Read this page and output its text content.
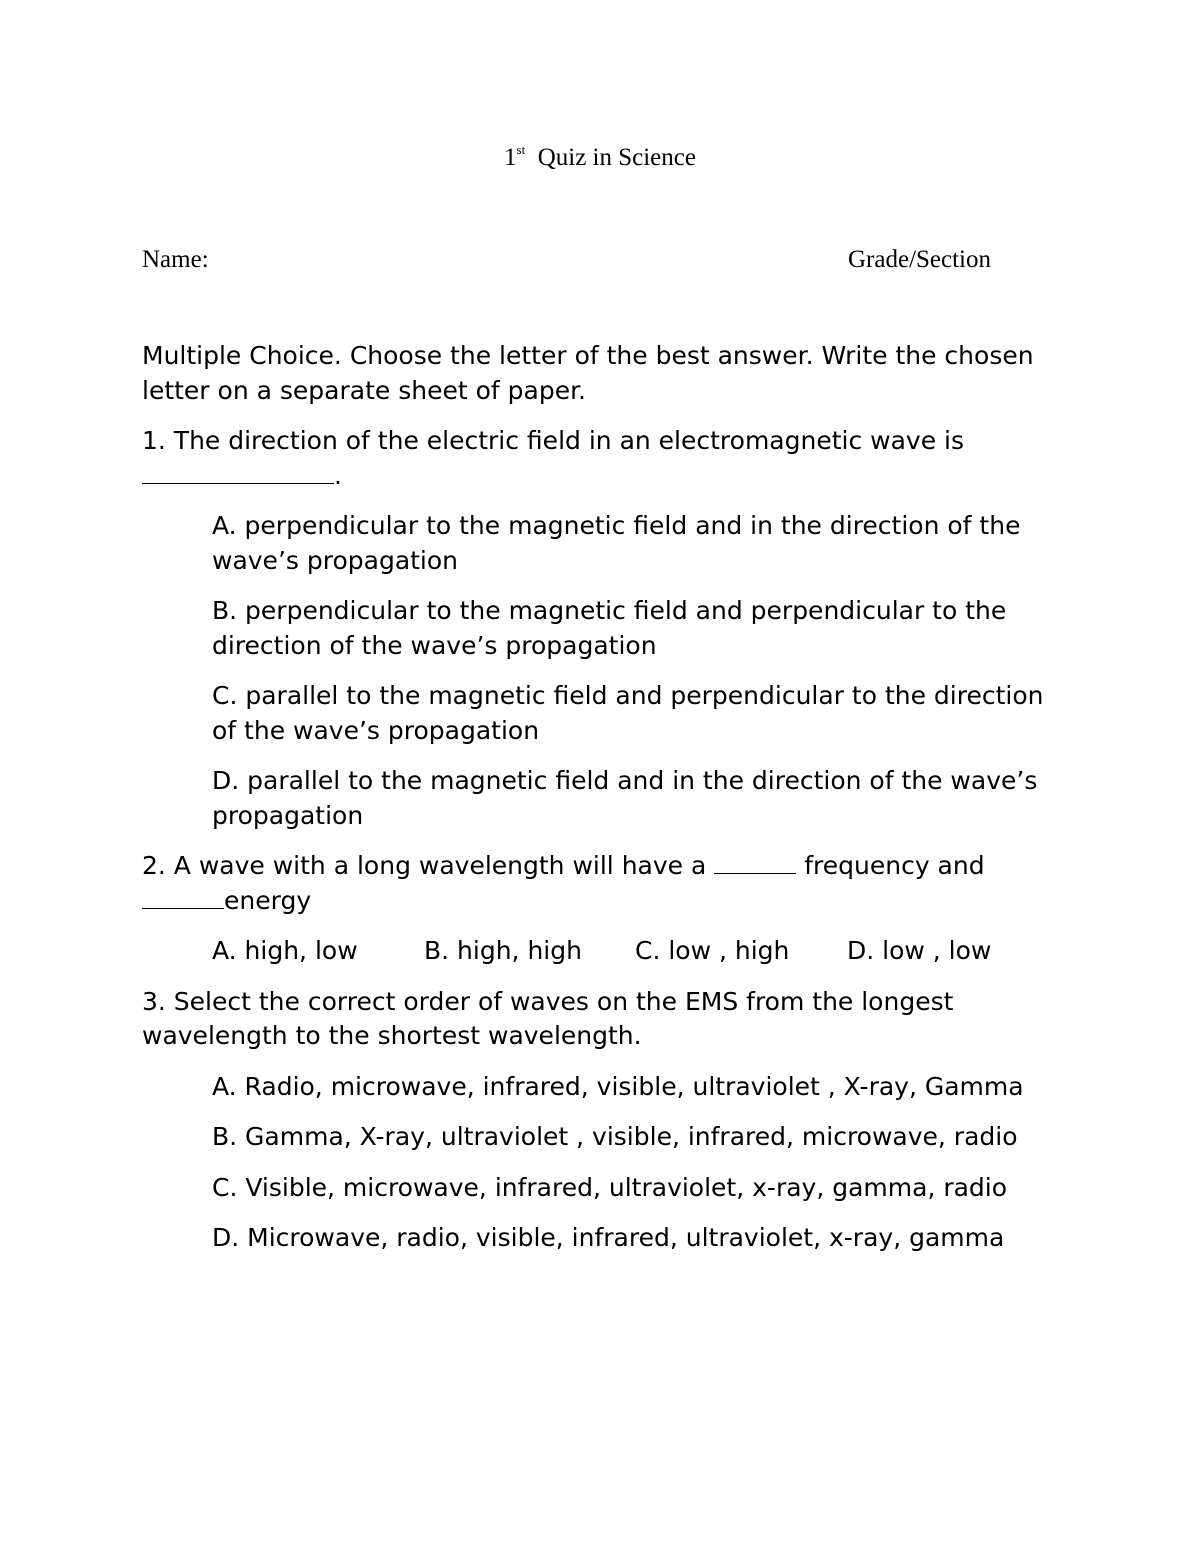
1st Quiz in Science
Name:	Grade/Section

Multiple Choice. Choose the letter of the best answer. Write the chosen letter on a separate sheet of paper.

1. The direction of the electric field in an electromagnetic wave is.

A. perpendicular to the magnetic field and in the direction of the wave’s propagation

B. perpendicular to the magnetic field and perpendicular to the direction of the wave’s propagation

C. parallel to the magnetic field and perpendicular to the direction of the wave’s propagation

D. parallel to the magnetic field and in the direction of the wave’s propagation

2. A wave with a long wavelength will have a	frequency and energy

A. high, low	B. high, high C. low , high D. low , low

3. Select the correct order of waves on the EMS from the longest wavelength to the shortest wavelength.

A. Radio, microwave, infrared, visible, ultraviolet , X-ray, Gamma

B. Gamma, X-ray, ultraviolet , visible, infrared, microwave, radio

C. Visible, microwave, infrared, ultraviolet, x-ray, gamma, radio

D. Microwave, radio, visible, infrared, ultraviolet, x-ray, gamma
